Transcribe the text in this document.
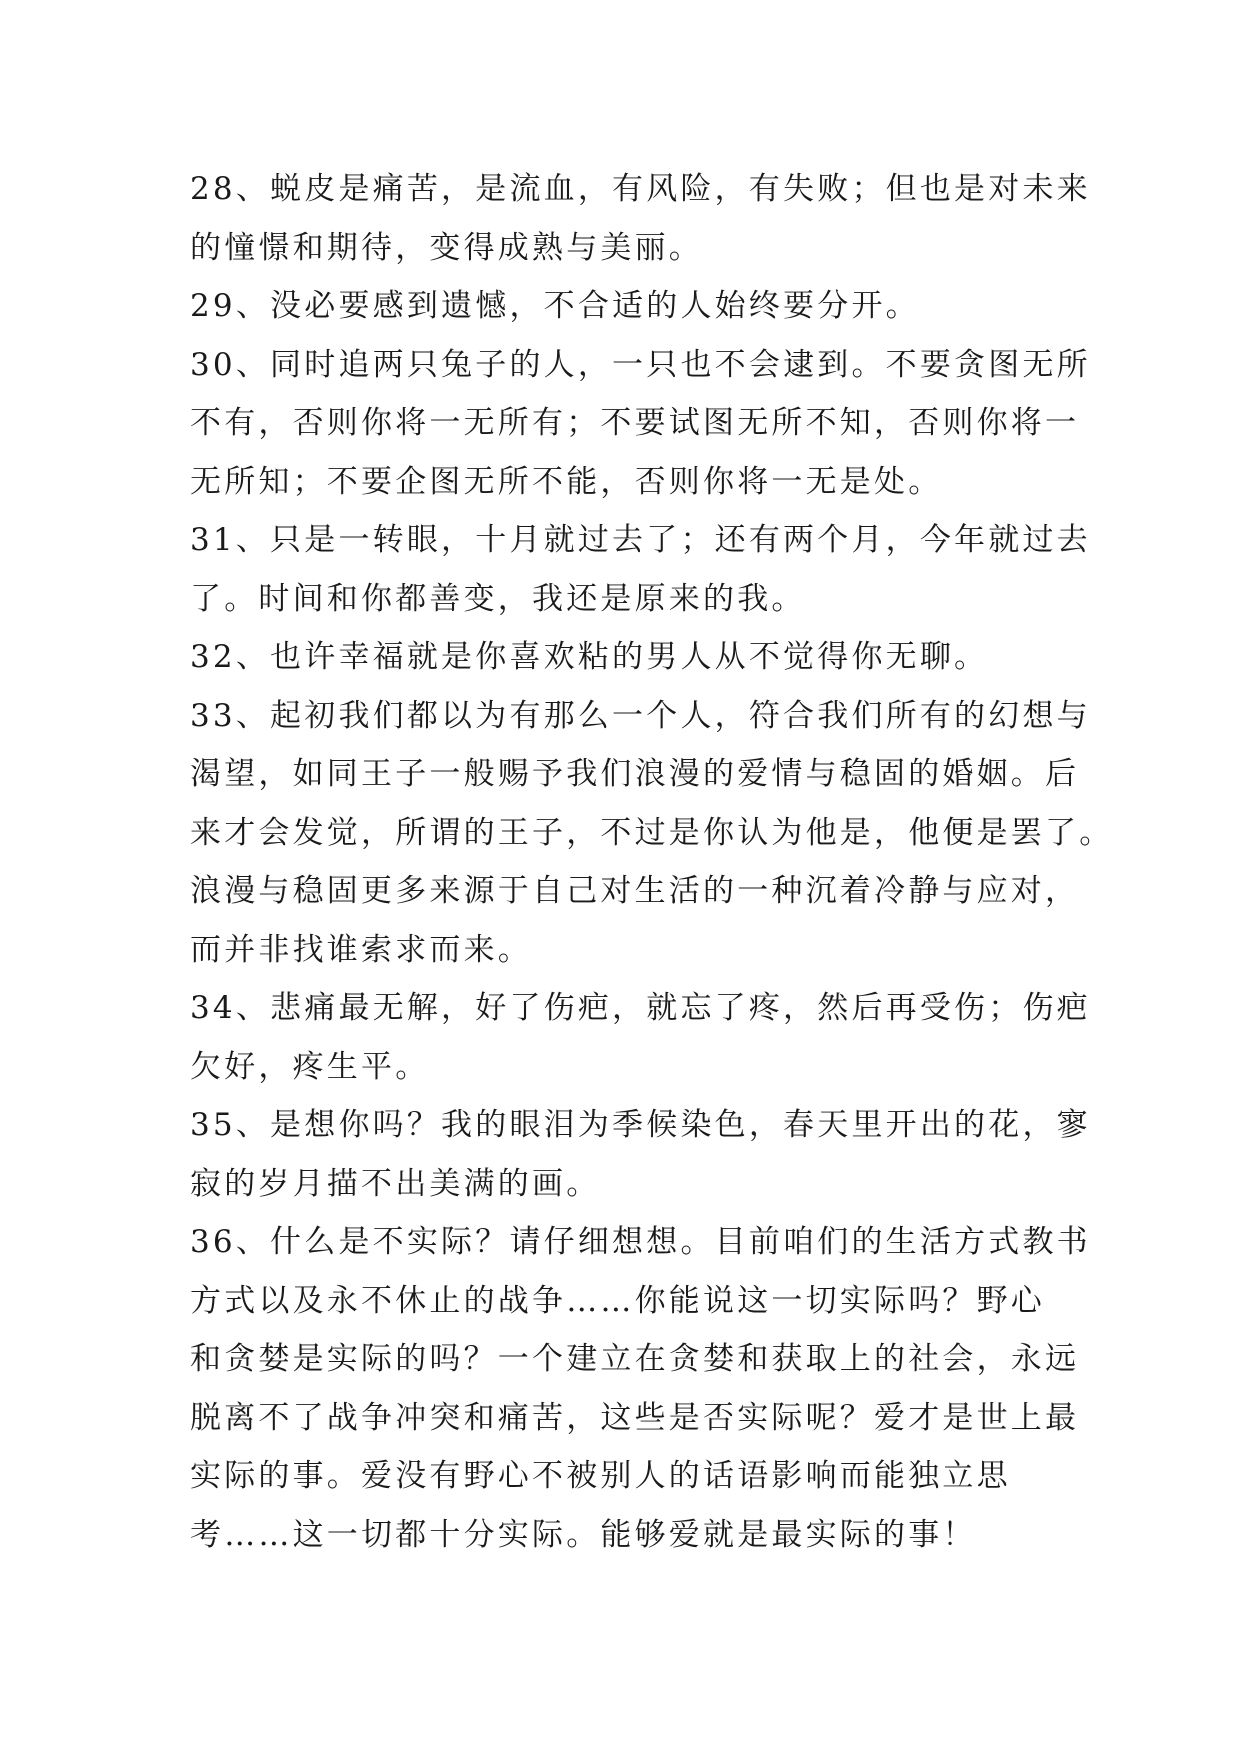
28、蜕皮是痛苦，是流血，有风险，有失败；但也是对未来
的憧憬和期待，变得成熟与美丽。
29、没必要感到遗憾，不合适的人始终要分开。
30、同时追两只兔子的人，一只也不会逮到。不要贪图无所
不有，否则你将一无所有；不要试图无所不知，否则你将一
无所知；不要企图无所不能，否则你将一无是处。
31、只是一转眼，十月就过去了；还有两个月，今年就过去
了。时间和你都善变，我还是原来的我。
32、也许幸福就是你喜欢粘的男人从不觉得你无聊。
33、起初我们都以为有那么一个人，符合我们所有的幻想与
渴望，如同王子一般赐予我们浪漫的爱情与稳固的婚姻。后
来才会发觉，所谓的王子，不过是你认为他是，他便是罢了。
浪漫与稳固更多来源于自己对生活的一种沉着冷静与应对，
而并非找谁索求而来。
34、悲痛最无解，好了伤疤，就忘了疼，然后再受伤；伤疤
欠好，疼生平。
35、是想你吗？我的眼泪为季候染色，春天里开出的花，寥
寂的岁月描不出美满的画。
36、什么是不实际？请仔细想想。目前咱们的生活方式教书
方式以及永不休止的战争……你能说这一切实际吗？野心
和贪婪是实际的吗？一个建立在贪婪和获取上的社会，永远
脱离不了战争冲突和痛苦，这些是否实际呢？爱才是世上最
实际的事。爱没有野心不被别人的话语影响而能独立思
考……这一切都十分实际。能够爱就是最实际的事！
